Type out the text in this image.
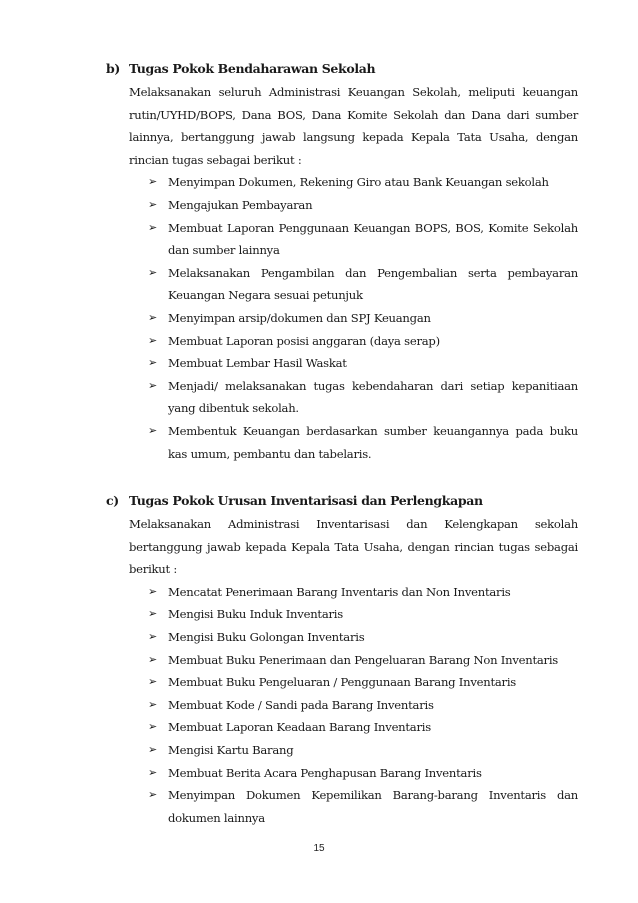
b) Tugas Pokok Bendaharawan Sekolah
Melaksanakan seluruh Administrasi Keuangan Sekolah, meliputi keuangan rutin/UYHD/BOPS, Dana BOS, Dana Komite Sekolah dan Dana dari sumber lainnya, bertanggung jawab langsung kepada Kepala Tata Usaha, dengan rincian tugas sebagai berikut :
➢ Menyimpan Dokumen, Rekening Giro atau Bank Keuangan sekolah
➢ Mengajukan Pembayaran
➢ Membuat Laporan Penggunaan Keuangan BOPS, BOS, Komite Sekolah dan sumber lainnya
➢ Melaksanakan Pengambilan dan Pengembalian serta pembayaran Keuangan Negara sesuai petunjuk
➢ Menyimpan arsip/dokumen dan SPJ Keuangan
➢ Membuat Laporan posisi anggaran (daya serap)
➢ Membuat Lembar Hasil Waskat
➢ Menjadi/ melaksanakan tugas kebendaharan dari setiap kepanitiaan yang dibentuk sekolah.
➢ Membentuk Keuangan berdasarkan sumber keuangannya pada buku kas umum, pembantu dan tabelaris.
c) Tugas Pokok Urusan Inventarisasi dan Perlengkapan
Melaksanakan Administrasi Inventarisasi dan Kelengkapan sekolah bertanggung jawab kepada Kepala Tata Usaha, dengan rincian tugas sebagai berikut :
➢ Mencatat Penerimaan Barang Inventaris dan Non Inventaris
➢ Mengisi Buku Induk Inventaris
➢ Mengisi Buku Golongan Inventaris
➢ Membuat Buku Penerimaan dan Pengeluaran Barang Non Inventaris
➢ Membuat Buku Pengeluaran / Penggunaan Barang Inventaris
➢ Membuat Kode / Sandi pada Barang Inventaris
➢ Membuat Laporan Keadaan Barang Inventaris
➢ Mengisi Kartu Barang
➢ Membuat Berita Acara Penghapusan Barang Inventaris
➢ Menyimpan Dokumen Kepemilikan Barang-barang Inventaris dan dokumen lainnya
15
